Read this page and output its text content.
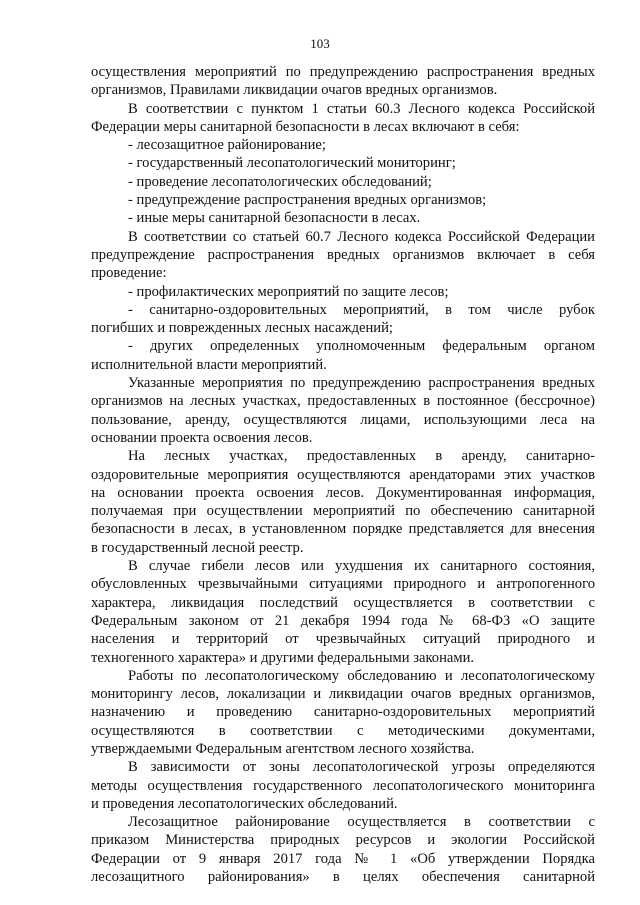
103
осуществления мероприятий по предупреждению распространения вредных
организмов, Правилами ликвидации очагов вредных организмов.
В соответствии с пунктом 1 статьи 60.3 Лесного кодекса Российской
Федерации меры санитарной безопасности в лесах включают в себя:
- лесозащитное районирование;
- государственный лесопатологический мониторинг;
- проведение лесопатологических обследований;
- предупреждение распространения вредных организмов;
- иные меры санитарной безопасности в лесах.
В соответствии со статьей 60.7 Лесного кодекса Российской Федерации
предупреждение распространения вредных организмов включает в себя
проведение:
- профилактических мероприятий по защите лесов;
- санитарно-оздоровительных мероприятий, в том числе рубок
погибших и поврежденных лесных насаждений;
- других определенных уполномоченным федеральным органом
исполнительной власти мероприятий.
Указанные мероприятия по предупреждению распространения вредных
организмов на лесных участках, предоставленных в постоянное (бессрочное)
пользование, аренду, осуществляются лицами, использующими леса на
основании проекта освоения лесов.
На лесных участках, предоставленных в аренду, санитарно-
оздоровительные мероприятия осуществляются арендаторами этих участков
на основании проекта освоения лесов. Документированная информация,
получаемая при осуществлении мероприятий по обеспечению санитарной
безопасности в лесах, в установленном порядке представляется для внесения
в государственный лесной реестр.
В случае гибели лесов или ухудшения их санитарного состояния,
обусловленных чрезвычайными ситуациями природного и антропогенного
характера, ликвидация последствий осуществляется в соответствии с
Федеральным законом от 21 декабря 1994 года № 68-ФЗ «О защите
населения и территорий от чрезвычайных ситуаций природного и
техногенного характера» и другими федеральными законами.
Работы по лесопатологическому обследованию и лесопатологическому
мониторингу лесов, локализации и ликвидации очагов вредных организмов,
назначению и проведению санитарно-оздоровительных мероприятий
осуществляются в соответствии с методическими документами,
утверждаемыми Федеральным агентством лесного хозяйства.
В зависимости от зоны лесопатологической угрозы определяются
методы осуществления государственного лесопатологического мониторинга
и проведения лесопатологических обследований.
Лесозащитное районирование осуществляется в соответствии с
приказом Министерства природных ресурсов и экологии Российской
Федерации от 9 января 2017 года № 1 «Об утверждении Порядка
лесозащитного районирования» в целях обеспечения санитарной
